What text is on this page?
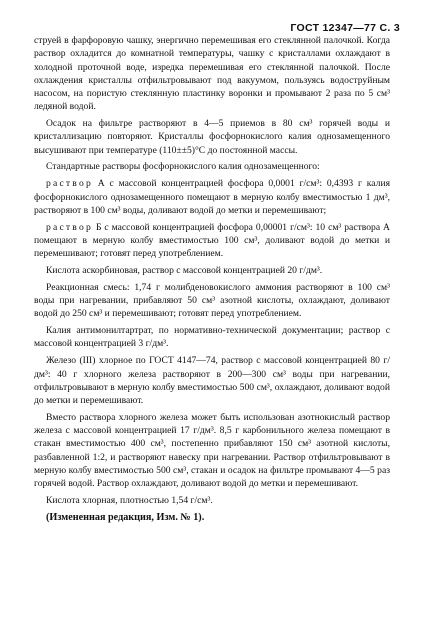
ГОСТ 12347—77 С. 3

струей в фарфоровую чашку, энергично перемешивая его стеклянной палочкой. Когда раствор охладится до комнатной температуры, чашку с кристаллами охлаждают в холодной проточной воде, изредка перемешивая его стеклянной палочкой. После охлаждения кристаллы отфильтровывают под вакуумом, пользуясь водоструйным насосом, на пористую стеклянную пластинку воронки и промывают 2 раза по 5 см³ ледяной водой.

Осадок на фильтре растворяют в 4—5 приемов в 80 см³ горячей воды и кристаллизацию повторяют. Кристаллы фосфорнокислого калия однозамещенного высушивают при температуре (110±±5)°С до постоянной массы.

Стандартные растворы фосфорнокислого калия однозамещенного:

раствор А с массовой концентрацией фосфора 0,0001 г/см³: 0,4393 г калия фосфорнокислого однозамещенного помещают в мерную колбу вместимостью 1 дм³, растворяют в 100 см³ воды, доливают водой до метки и перемешивают;

раствор Б с массовой концентрацией фосфора 0,00001 г/см³: 10 см³ раствора А помещают в мерную колбу вместимостью 100 см³, доливают водой до метки и перемешивают; готовят перед употреблением.

Кислота аскорбиновая, раствор с массовой концентрацией 20 г/дм³.

Реакционная смесь: 1,74 г молибденовокислого аммония растворяют в 100 см³ воды при нагревании, прибавляют 50 см³ азотной кислоты, охлаждают, доливают водой до 250 см³ и перемешивают; готовят перед употреблением.

Калия антимонилтартрат, по нормативно-технической документации; раствор с массовой концентрацией 3 г/дм³.

Железо (III) хлорное по ГОСТ 4147—74, раствор с массовой концентрацией 80 г/дм³: 40 г хлорного железа растворяют в 200—300 см³ воды при нагревании, отфильтровывают в мерную колбу вместимостью 500 см³, охлаждают, доливают водой до метки и перемешивают.

Вместо раствора хлорного железа может быть использован азотнокислый раствор железа с массовой концентрацией 17 г/дм³. 8,5 г карбонильного железа помещают в стакан вместимостью 400 см³, постепенно прибавляют 150 см³ азотной кислоты, разбавленной 1:2, и растворяют навеску при нагревании. Раствор отфильтровывают в мерную колбу вместимостью 500 см³, стакан и осадок на фильтре промывают 4—5 раз горячей водой. Раствор охлаждают, доливают водой до метки и перемешивают.

Кислота хлорная, плотностью 1,54 г/см³.

(Измененная редакция, Изм. № 1).
